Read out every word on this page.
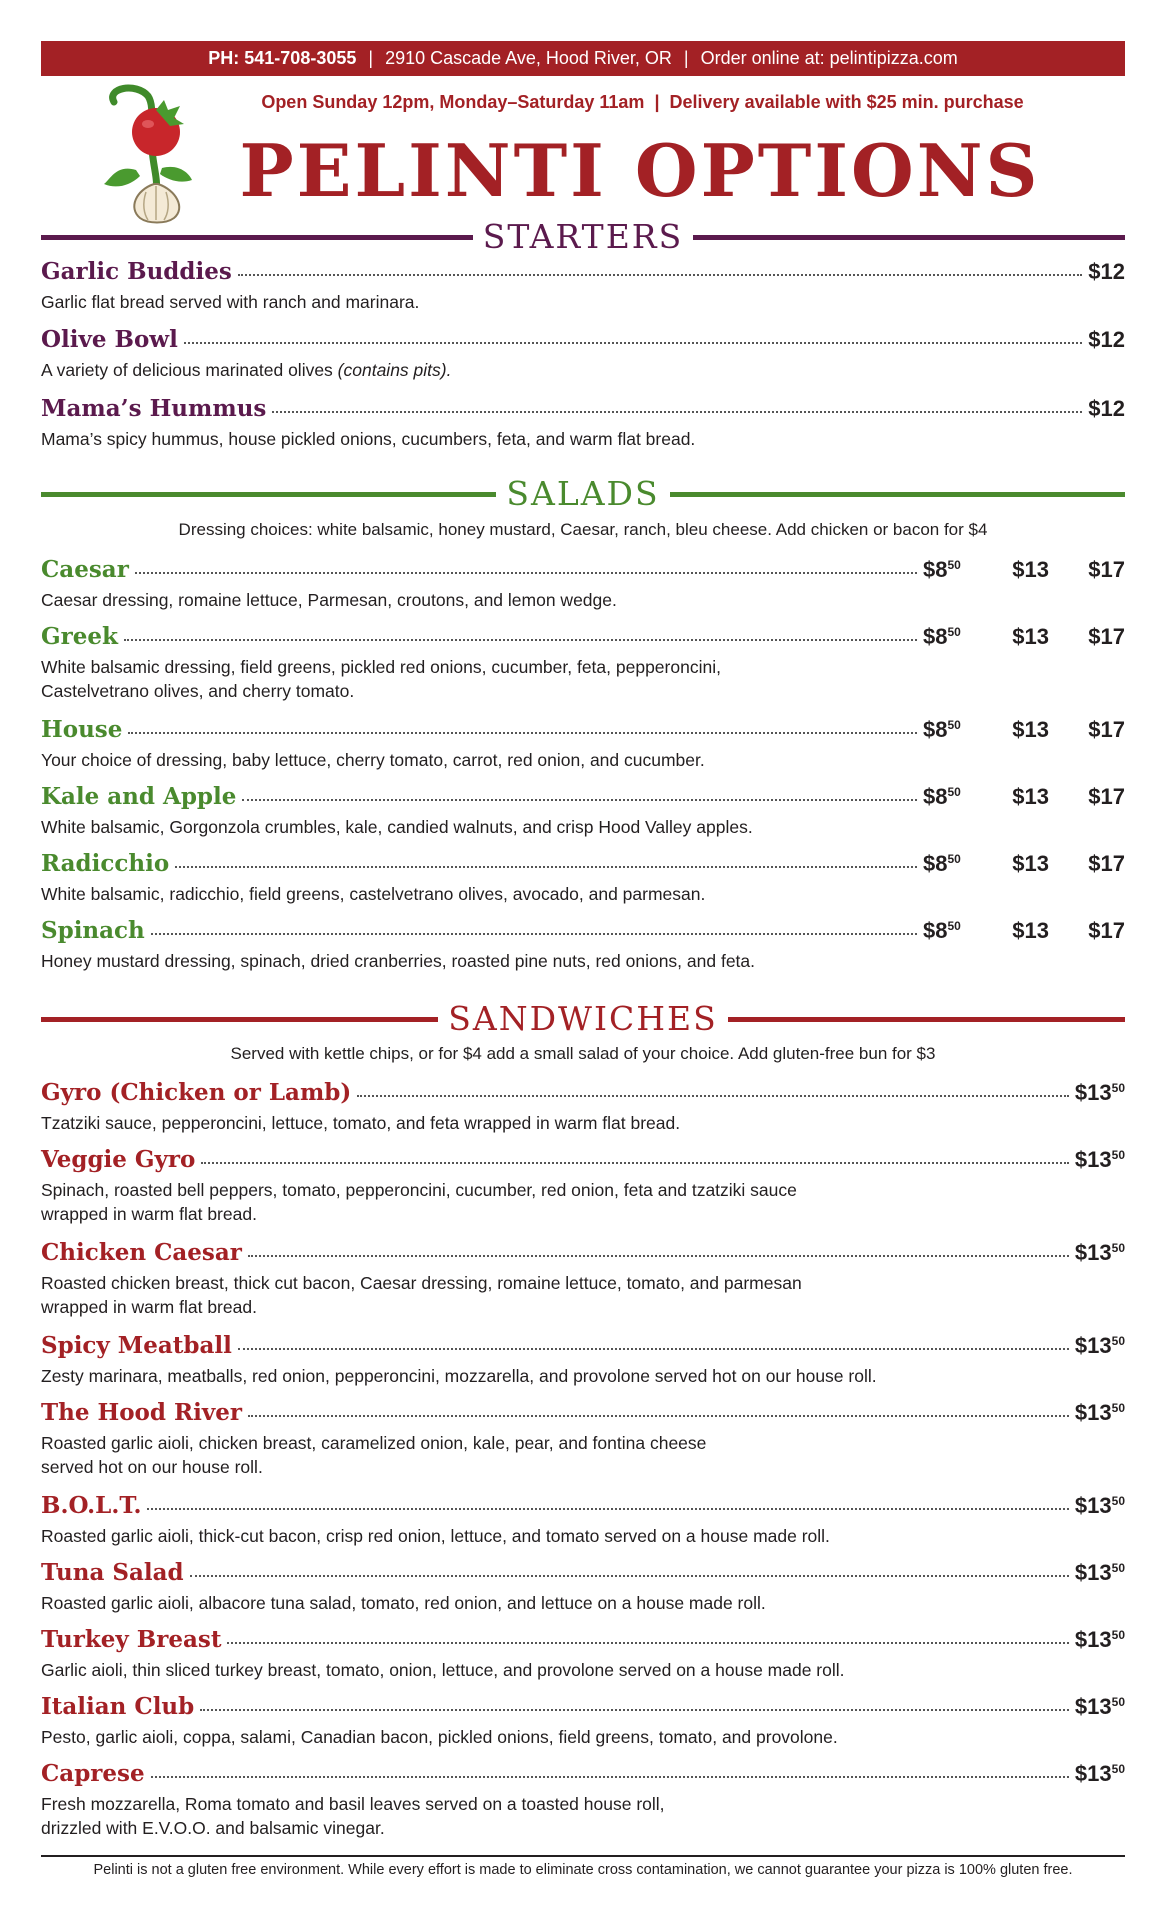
PH: 541-708-3055 | 2910 Cascade Ave, Hood River, OR | Order online at: pelintipizza.com
Open Sunday 12pm, Monday–Saturday 11am | Delivery available with $25 min. purchase
PELINTI OPTIONS
STARTERS
Garlic Buddies	$12
Garlic flat bread served with ranch and marinara.
Olive Bowl	$12
A variety of delicious marinated olives (contains pits).
Mama’s Hummus	$12
Mama’s spicy hummus, house pickled onions, cucumbers, feta, and warm flat bread.
SALADS
Dressing choices: white balsamic, honey mustard, Caesar, ranch, bleu cheese. Add chicken or bacon for $4
Caesar	$\$8^{50}$	$13	$17
Caesar dressing, romaine lettuce, Parmesan, croutons, and lemon wedge.
Greek	$\$8^{50}$	$13	$17
White balsamic dressing, field greens, pickled red onions, cucumber, feta, pepperoncini,
Castelvetrano olives, and cherry tomato.
House	$\$8^{50}$	$13	$17
Your choice of dressing, baby lettuce, cherry tomato, carrot, red onion, and cucumber.
Kale and Apple	$\$8^{50}$	$13	$17
White balsamic, Gorgonzola crumbles, kale, candied walnuts, and crisp Hood Valley apples.
Radicchio	$\$8^{50}$	$13	$17
White balsamic, radicchio, field greens, castelvetrano olives, avocado, and parmesan.
Spinach	$\$8^{50}$	$13	$17
Honey mustard dressing, spinach, dried cranberries, roasted pine nuts, red onions, and feta.
SANDWICHES
Served with kettle chips, or for $4 add a small salad of your choice. Add gluten-free bun for $3
Gyro (Chicken or Lamb)	$\$13^{50}$
Tzatziki sauce, pepperoncini, lettuce, tomato, and feta wrapped in warm flat bread.
Veggie Gyro	$\$13^{50}$
Spinach, roasted bell peppers, tomato, pepperoncini, cucumber, red onion, feta and tzatziki sauce
wrapped in warm flat bread.
Chicken Caesar	$\$13^{50}$
Roasted chicken breast, thick cut bacon, Caesar dressing, romaine lettuce, tomato, and parmesan
wrapped in warm flat bread.
Spicy Meatball	$\$13^{50}$
Zesty marinara, meatballs, red onion, pepperoncini, mozzarella, and provolone served hot on our house roll.
The Hood River	$\$13^{50}$
Roasted garlic aioli, chicken breast, caramelized onion, kale, pear, and fontina cheese
served hot on our house roll.
B.O.L.T.	$\$13^{50}$
Roasted garlic aioli, thick-cut bacon, crisp red onion, lettuce, and tomato served on a house made roll.
Tuna Salad	$\$13^{50}$
Roasted garlic aioli, albacore tuna salad, tomato, red onion, and lettuce on a house made roll.
Turkey Breast	$\$13^{50}$
Garlic aioli, thin sliced turkey breast, tomato, onion, lettuce, and provolone served on a house made roll.
Italian Club	$\$13^{50}$
Pesto, garlic aioli, coppa, salami, Canadian bacon, pickled onions, field greens, tomato, and provolone.
Caprese	$\$13^{50}$
Fresh mozzarella, Roma tomato and basil leaves served on a toasted house roll,
drizzled with E.V.O.O. and balsamic vinegar.
Pelinti is not a gluten free environment. While every effort is made to eliminate cross contamination, we cannot guarantee your pizza is 100% gluten free.
